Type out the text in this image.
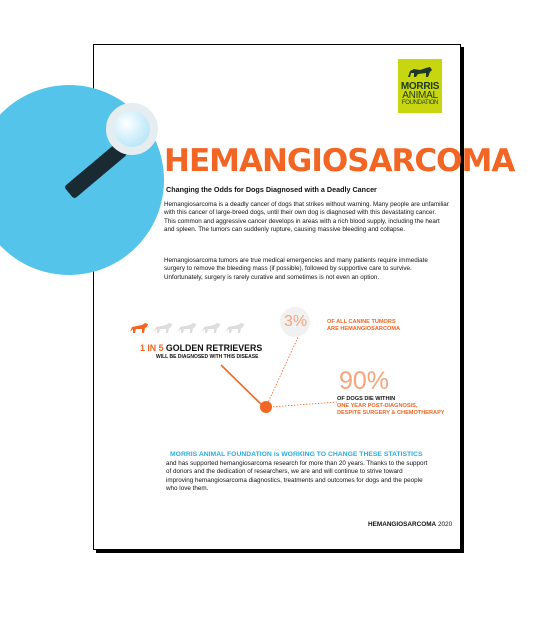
MORRIS
ANIMAL
FOUNDATION
HEMANGIOSARCOMA
Changing the Odds for Dogs Diagnosed with a Deadly Cancer
Hemangiosarcoma is a deadly cancer of dogs that strikes without warning. Many people are unfamiliar with this cancer of large-breed dogs, until their own dog is diagnosed with this devastating cancer. This common and aggressive cancer develops in areas with a rich blood supply, including the heart and spleen. The tumors can suddenly rupture, causing massive bleeding and collapse.
Hemangiosarcoma tumors are true medical emergencies and many patients require immediate surgery to remove the bleeding mass (if possible), followed by supportive care to survive. Unfortunately, surgery is rarely curative and sometimes is not even an option.
3%	OF ALL CANINE TUMORS
ARE HEMANGIOSARCOMA
1 IN 5 GOLDEN RETRIEVERS
WILL BE DIAGNOSED WITH THIS DISEASE
90%
OF DOGS DIE WITHIN
ONE YEAR POST-DIAGNOSIS,
DESPITE SURGERY & CHEMOTHERAPY
MORRIS ANIMAL FOUNDATION is WORKING TO CHANGE THESE STATISTICS
and has supported hemangiosarcoma research for more than 20 years. Thanks to the support of donors and the dedication of researchers, we are and will continue to strive toward improving hemangiosarcoma diagnostics, treatments and outcomes for dogs and the people who love them.
HEMANGIOSARCOMA 2020
